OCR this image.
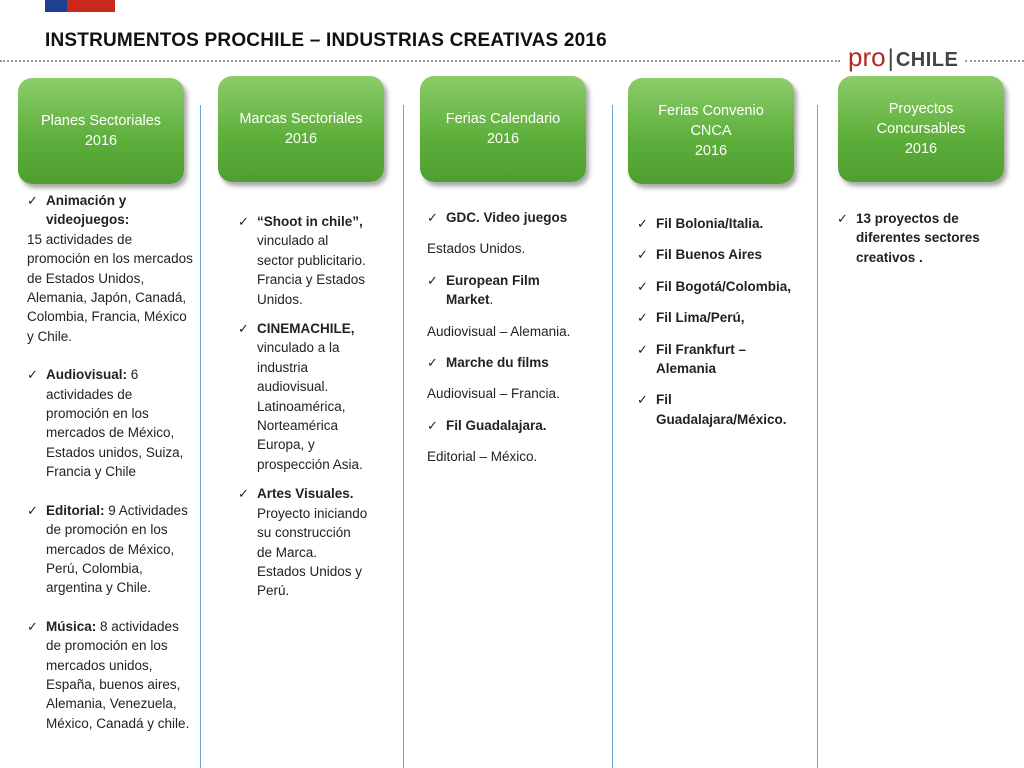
INSTRUMENTOS PROCHILE – INDUSTRIAS CREATIVAS 2016
pro| CHILE
Planes Sectoriales
2016
Marcas Sectoriales
2016
Ferias Calendario
2016
Ferias Convenio
CNCA
2016
Proyectos
Concursables
2016
✓ Animación y videojuegos:
15 actividades de promoción en los mercados de Estados Unidos, Alemania, Japón, Canadá, Colombia, Francia, México y Chile.
✓ Audiovisual: 6 actividades de promoción en los mercados de México, Estados unidos, Suiza, Francia y Chile
✓ Editorial: 9 Actividades de promoción en los mercados de México, Perú, Colombia, argentina y Chile.
✓ Música: 8 actividades de promoción en los mercados unidos, España, buenos aires, Alemania, Venezuela, México, Canadá y chile.
✓ “Shoot in chile”, vinculado al sector publicitario. Francia y Estados Unidos.
✓ CINEMACHILE, vinculado a la industria audiovisual. Latinoamérica, Norteamérica Europa, y prospección Asia.
✓ Artes Visuales. Proyecto iniciando su construcción de Marca. Estados Unidos y Perú.
✓ GDC. Video juegos
Estados Unidos.
✓ European Film Market.
Audiovisual – Alemania.
✓ Marche du films
Audiovisual – Francia.
✓ Fil Guadalajara.
Editorial – México.
✓ Fil Bolonia/Italia.
✓ Fil Buenos Aires
✓ Fil Bogotá/Colombia,
✓ Fil Lima/Perú,
✓ Fil Frankfurt – Alemania
✓ Fil
Guadalajara/México.
✓ 13 proyectos de diferentes sectores creativos .
